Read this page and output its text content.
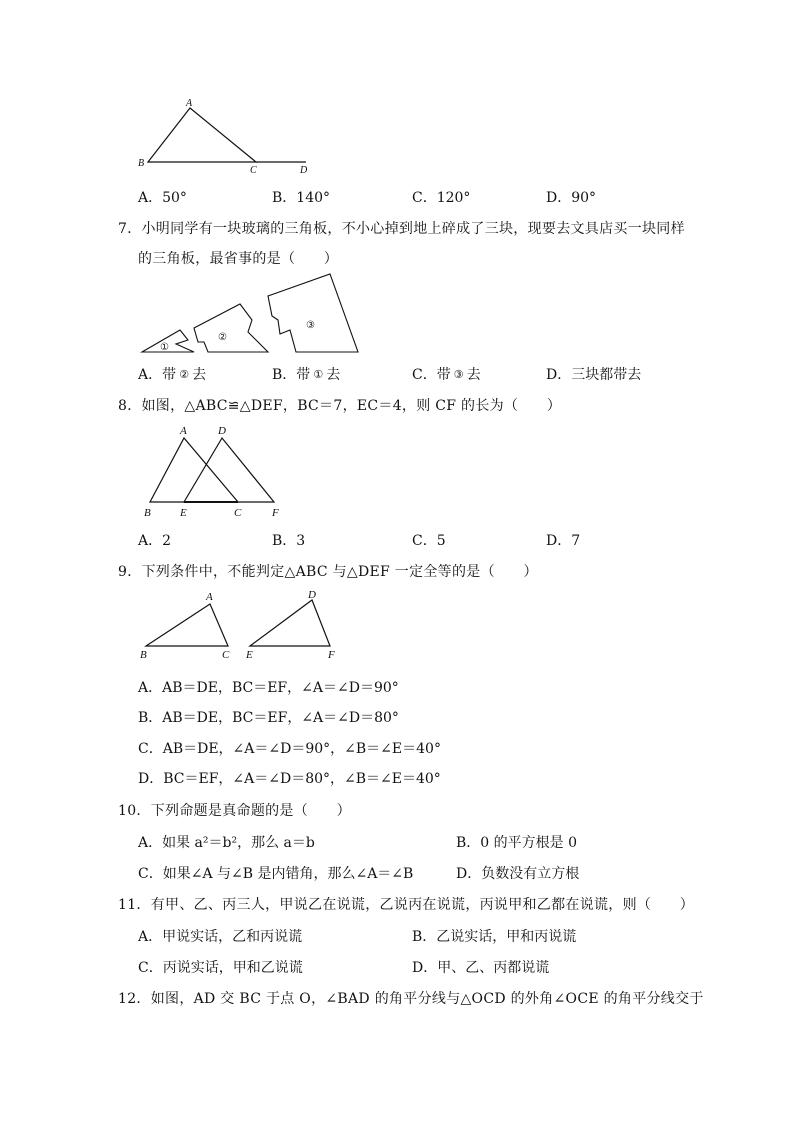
A
B
C	D
A．50°	B．140°	C．120°	D．90°
7．小明同学有一块玻璃的三角板，不小心掉到地上碎成了三块，现要去文具店买一块同样
的三角板，最省事的是（　　）
①
②
③
A．带 ② 去	B．带 ① 去	C．带 ③ 去	D．三块都带去
8．如图，△ABC≌△DEF，BC＝7，EC＝4，则 CF 的长为（　　）
A	D
B	E	C	F
A．2	B．3	C．5	D．7
9．下列条件中，不能判定△ABC 与△DEF 一定全等的是（　　）
A
B	C
D
E	F
A．AB＝DE，BC＝EF，∠A＝∠D＝90°
B．AB＝DE，BC＝EF，∠A＝∠D＝80°
C．AB＝DE，∠A＝∠D＝90°，∠B＝∠E＝40°
D．BC＝EF，∠A＝∠D＝80°，∠B＝∠E＝40°
10．下列命题是真命题的是（　　）
A．如果 a²＝b²，那么 a＝b	B．0 的平方根是 0
C．如果∠A 与∠B 是内错角，那么∠A＝∠B	D．负数没有立方根
11．有甲、乙、丙三人，甲说乙在说谎，乙说丙在说谎，丙说甲和乙都在说谎，则（　　）
A．甲说实话，乙和丙说谎	B．乙说实话，甲和丙说谎
C．丙说实话，甲和乙说谎	D．甲、乙、丙都说谎
12．如图，AD 交 BC 于点 O，∠BAD 的角平分线与△OCD 的外角∠OCE 的角平分线交于
